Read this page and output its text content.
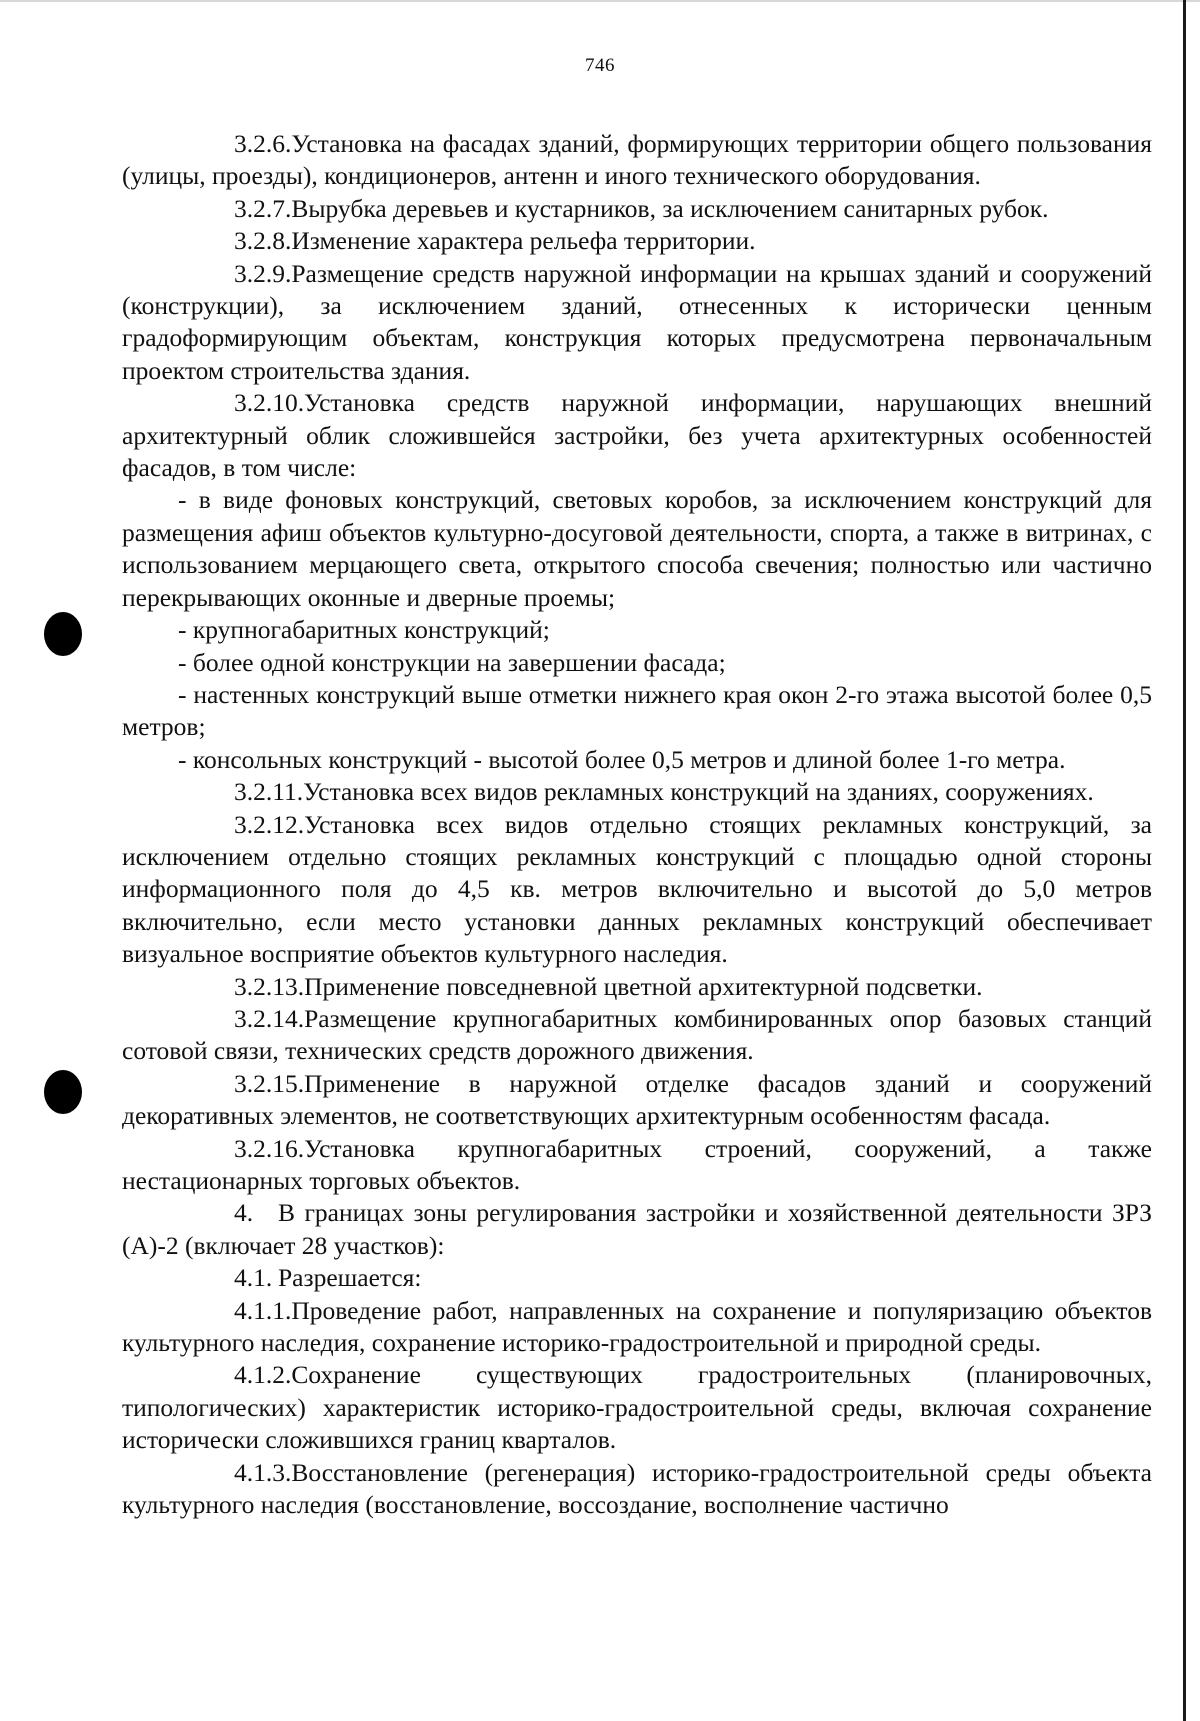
746

3.2.6.Установка на фасадах зданий, формирующих территории общего пользования (улицы, проезды), кондиционеров, антенн и иного технического оборудования.

3.2.7.Вырубка деревьев и кустарников, за исключением санитарных рубок.

3.2.8.Изменение характера рельефа территории.

3.2.9.Размещение средств наружной информации на крышах зданий и сооружений (конструкции), за исключением зданий, отнесенных к исторически ценным градоформирующим объектам, конструкция которых предусмотрена первоначальным проектом строительства здания.

3.2.10.Установка средств наружной информации, нарушающих внешний архитектурный облик сложившейся застройки, без учета архитектурных особенностей фасадов, в том числе:

- в виде фоновых конструкций, световых коробов, за исключением конструкций для размещения афиш объектов культурно-досуговой деятельности, спорта, а также в витринах, с использованием мерцающего света, открытого способа свечения; полностью или частично перекрывающих оконные и дверные проемы;

- крупногабаритных конструкций;

- более одной конструкции на завершении фасада;

- настенных конструкций выше отметки нижнего края окон 2-го этажа высотой более 0,5 метров;

- консольных конструкций - высотой более 0,5 метров и длиной более 1-го метра.

3.2.11.Установка всех видов рекламных конструкций на зданиях, сооружениях.

3.2.12.Установка всех видов отдельно стоящих рекламных конструкций, за исключением отдельно стоящих рекламных конструкций с площадью одной стороны информационного поля до 4,5 кв. метров включительно и высотой до 5,0 метров включительно, если место установки данных рекламных конструкций обеспечивает визуальное восприятие объектов культурного наследия.

3.2.13.Применение повседневной цветной архитектурной подсветки.

3.2.14.Размещение крупногабаритных комбинированных опор базовых станций сотовой связи, технических средств дорожного движения.

3.2.15.Применение в наружной отделке фасадов зданий и сооружений декоративных элементов, не соответствующих архитектурным особенностям фасада.

3.2.16.Установка крупногабаритных строений, сооружений, а также нестационарных торговых объектов.

4. В границах зоны регулирования застройки и хозяйственной деятельности ЗРЗ (А)-2 (включает 28 участков):

4.1. Разрешается:

4.1.1.Проведение работ, направленных на сохранение и популяризацию объектов культурного наследия, сохранение историко-градостроительной и природной среды.

4.1.2.Сохранение существующих градостроительных (планировочных, типологических) характеристик историко-градостроительной среды, включая сохранение исторически сложившихся границ кварталов.

4.1.3.Восстановление (регенерация) историко-градостроительной среды объекта культурного наследия (восстановление, воссоздание, восполнение частично
